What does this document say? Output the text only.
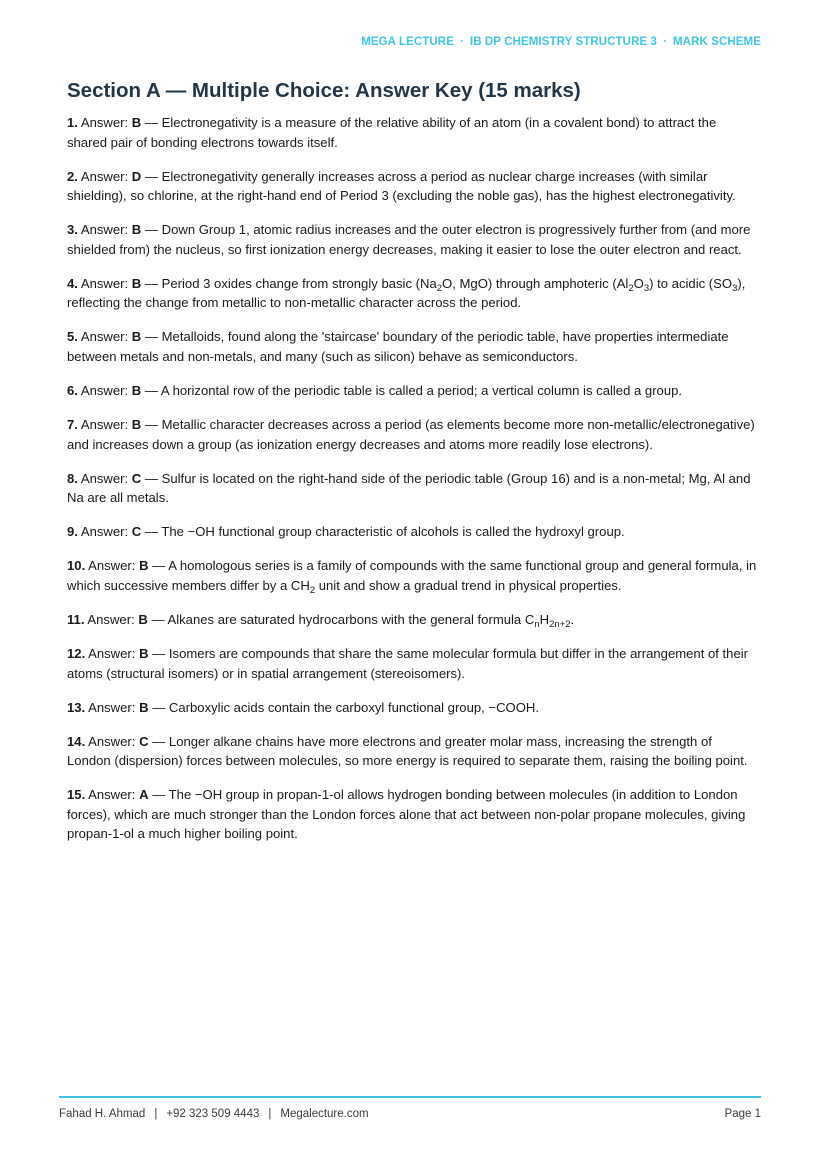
MEGA LECTURE · IB DP CHEMISTRY STRUCTURE 3 · MARK SCHEME
Section A — Multiple Choice: Answer Key (15 marks)

1. Answer: B — Electronegativity is a measure of the relative ability of an atom (in a covalent bond) to attract the shared pair of bonding electrons towards itself.

2. Answer: D — Electronegativity generally increases across a period as nuclear charge increases (with similar shielding), so chlorine, at the right-hand end of Period 3 (excluding the noble gas), has the highest electronegativity.

3. Answer: B — Down Group 1, atomic radius increases and the outer electron is progressively further from (and more shielded from) the nucleus, so first ionization energy decreases, making it easier to lose the outer electron and react.

4. Answer: B — Period 3 oxides change from strongly basic ($Na_2O$, MgO) through amphoteric $(Al_2O_3)$ to acidic $(SO_3)$, reflecting the change from metallic to non-metallic character across the period.

5. Answer: B — Metalloids, found along the 'staircase' boundary of the periodic table, have properties intermediate between metals and non-metals, and many (such as silicon) behave as semiconductors.

6. Answer: B — A horizontal row of the periodic table is called a period; a vertical column is called a group.

7. Answer: B — Metallic character decreases across a period (as elements become more non-metallic/electronegative) and increases down a group (as ionization energy decreases and atoms more readily lose electrons).

8. Answer: C — Sulfur is located on the right-hand side of the periodic table (Group 16) and is a non-metal; Mg, Al and Na are all metals.

9. Answer: C — The −OH functional group characteristic of alcohols is called the hydroxyl group.

10. Answer: B — A homologous series is a family of compounds with the same functional group and general formula, in which successive members differ by a $CH_2$ unit and show a gradual trend in physical properties.

11. Answer: B — Alkanes are saturated hydrocarbons with the general formula $C_nH_{2n+2}$.

12. Answer: B — Isomers are compounds that share the same molecular formula but differ in the arrangement of their atoms (structural isomers) or in spatial arrangement (stereoisomers).

13. Answer: B — Carboxylic acids contain the carboxyl functional group, −COOH.

14. Answer: C — Longer alkane chains have more electrons and greater molar mass, increasing the strength of London (dispersion) forces between molecules, so more energy is required to separate them, raising the boiling point.

15. Answer: A — The −OH group in propan-1-ol allows hydrogen bonding between molecules (in addition to London forces), which are much stronger than the London forces alone that act between non-polar propane molecules, giving propan-1-ol a much higher boiling point.

Fahad H. Ahmad | +92 323 509 4443 | Megalecture.com	Page 1
